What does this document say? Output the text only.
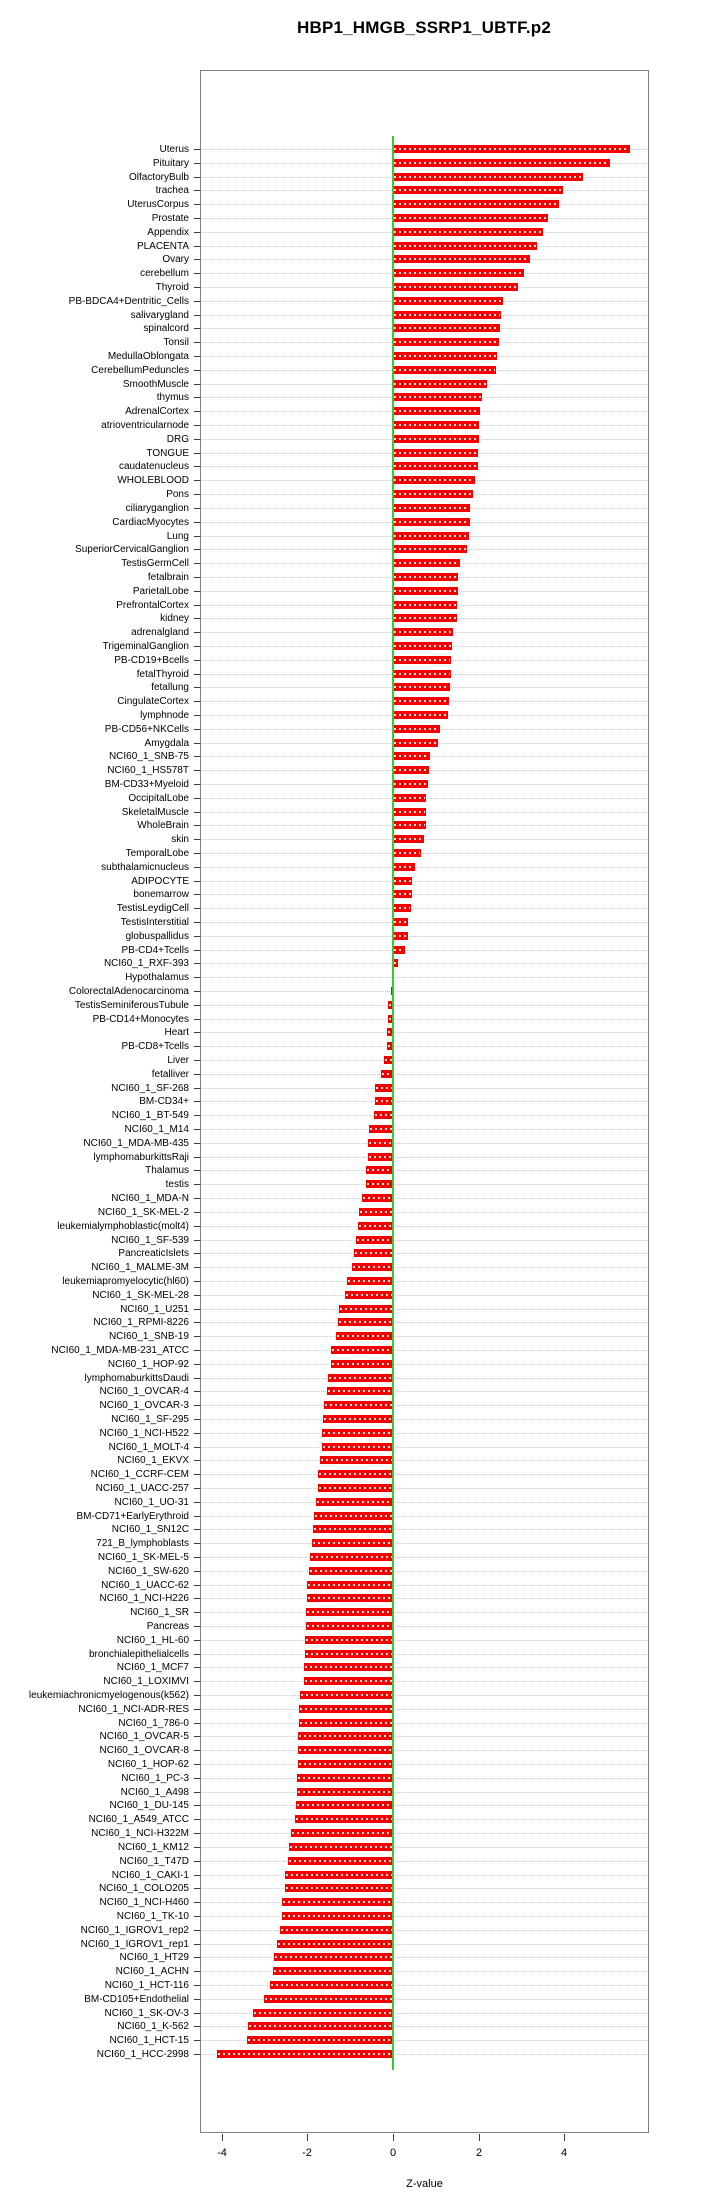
HBP1_HMGB_SSRP1_UBTF.p2
Uterus
Pituitary
OlfactoryBulb
trachea
UterusCorpus
Prostate
Appendix
PLACENTA
Ovary
cerebellum
Thyroid
PB-BDCA4+Dentritic_Cells
salivarygland
spinalcord
Tonsil
MedullaOblongata
CerebellumPeduncles
SmoothMuscle
thymus
AdrenalCortex
atrioventricularnode
DRG
TONGUE
caudatenucleus
WHOLEBLOOD
Pons
ciliaryganglion
CardiacMyocytes
Lung
SuperiorCervicalGanglion
TestisGermCell
fetalbrain
ParietalLobe
PrefrontalCortex
kidney
adrenalgland
TrigeminalGanglion
PB-CD19+Bcells
fetalThyroid
fetallung
CingulateCortex
lymphnode
PB-CD56+NKCells
Amygdala
NCI60_1_SNB-75
NCI60_1_HS578T
BM-CD33+Myeloid
OccipitalLobe
SkeletalMuscle
WholeBrain
skin
TemporalLobe
subthalamicnucleus
ADIPOCYTE
bonemarrow
TestisLeydigCell
TestisInterstitial
globuspallidus
PB-CD4+Tcells
NCI60_1_RXF-393
Hypothalamus
ColorectalAdenocarcinoma
TestisSeminiferousTubule
PB-CD14+Monocytes
Heart
PB-CD8+Tcells
Liver
fetalliver
NCI60_1_SF-268
BM-CD34+
NCI60_1_BT-549
NCI60_1_M14
NCI60_1_MDA-MB-435
lymphomaburkittsRaji
Thalamus
testis
NCI60_1_MDA-N
NCI60_1_SK-MEL-2
leukemialymphoblastic(molt4)
NCI60_1_SF-539
PancreaticIslets
NCI60_1_MALME-3M
leukemiapromyelocytic(hl60)
NCI60_1_SK-MEL-28
NCI60_1_U251
NCI60_1_RPMI-8226
NCI60_1_SNB-19
NCI60_1_MDA-MB-231_ATCC
NCI60_1_HOP-92
lymphomaburkittsDaudi
NCI60_1_OVCAR-4
NCI60_1_OVCAR-3
NCI60_1_SF-295
NCI60_1_NCI-H522
NCI60_1_MOLT-4
NCI60_1_EKVX
NCI60_1_CCRF-CEM
NCI60_1_UACC-257
NCI60_1_UO-31
BM-CD71+EarlyErythroid
NCI60_1_SN12C
721_B_lymphoblasts
NCI60_1_SK-MEL-5
NCI60_1_SW-620
NCI60_1_UACC-62
NCI60_1_NCI-H226
NCI60_1_SR
Pancreas
NCI60_1_HL-60
bronchialepithelialcells
NCI60_1_MCF7
NCI60_1_LOXIMVI
leukemiachronicmyelogenous(k562)
NCI60_1_NCI-ADR-RES
NCI60_1_786-0
NCI60_1_OVCAR-5
NCI60_1_OVCAR-8
NCI60_1_HOP-62
NCI60_1_PC-3
NCI60_1_A498
NCI60_1_DU-145
NCI60_1_A549_ATCC
NCI60_1_NCI-H322M
NCI60_1_KM12
NCI60_1_T47D
NCI60_1_CAKI-1
NCI60_1_COLO205
NCI60_1_NCI-H460
NCI60_1_TK-10
NCI60_1_IGROV1_rep2
NCI60_1_IGROV1_rep1
NCI60_1_HT29
NCI60_1_ACHN
NCI60_1_HCT-116
BM-CD105+Endothelial
NCI60_1_SK-OV-3
NCI60_1_K-562
NCI60_1_HCT-15
NCI60_1_HCC-2998
-4	-2	0	2	4
Z-value
